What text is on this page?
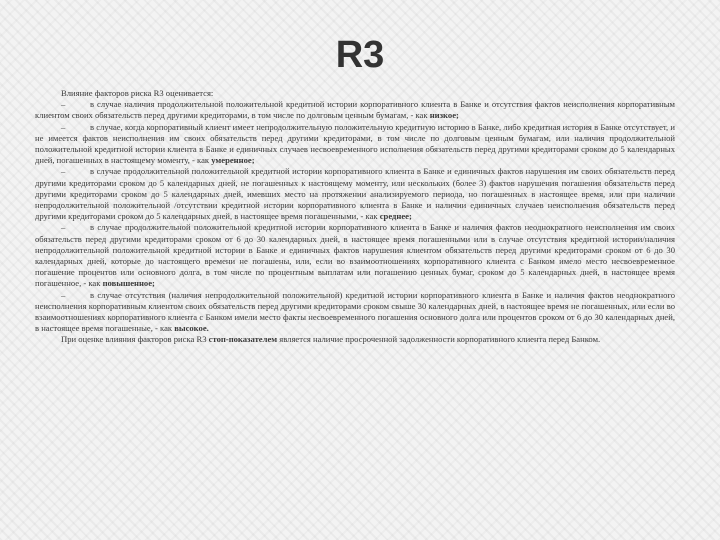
R3

Влияние факторов риска R3 оценивается:

–	в случае наличия продолжительной положительной кредитной истории корпоративного клиента в Банке и отсутствия фактов неисполнения корпоративным клиентом своих обязательств перед другими кредиторами, в том числе по долговым ценным бумагам, - как низкое;

–	в случае, когда корпоративный клиент имеет непродолжительную положительную кредитную историю в Банке, либо кредитная история в Банке отсутствует, и не имеется фактов неисполнения им своих обязательств перед другими кредиторами, в том числе по долговым ценным бумагам, или наличия продолжительной положительной кредитной истории клиента в Банке и единичных случаев несвоевременного исполнения обязательств перед другими кредиторами сроком до 5 календарных дней, погашенных в настоящему моменту, - как умеренное;

–	в случае продолжительной положительной кредитной истории корпоративного клиента в Банке и единичных фактов нарушения им своих обязательств перед другими кредиторами сроком до 5 календарных дней, не погашенных к настоящему моменту, или нескольких (более 3) фактов нарушения погашения обязательств перед другими кредиторами сроком до 5 календарных дней, имевших место на протяжении анализируемого периода, но погашенных в настоящее время, или при наличии непродолжительной положительной /отсутствии кредитной истории корпоративного клиента в Банке и наличии единичных случаев неисполнения обязательств перед другими кредиторами сроком до 5 календарных дней, в настоящее время погашенными, - как среднее;

–	в случае продолжительной положительной кредитной истории корпоративного клиента в Банке и наличия фактов неоднократного неисполнения им своих обязательств перед другими кредиторами сроком от 6 до 30 календарных дней, в настоящее время погашенными или в случае отсутствия кредитной истории/наличия непродолжительной положительной кредитной истории в Банке и единичных фактов нарушения клиентом обязательств перед другими кредиторами сроком от 6 до 30 календарных дней, которые до настоящего времени не погашены, или, если во взаимоотношениях корпоративного клиента с Банком имело место несвоевременное погашение процентов или основного долга, в том числе по процентным выплатам или погашению ценных бумаг, сроком до 5 календарных дней, в настоящее время погашенное, - как повышенное;

–	в случае отсутствия (наличия непродолжительной положительной) кредитной истории корпоративного клиента в Банке и наличия фактов неоднократного неисполнения корпоративным клиентом своих обязательств перед другими кредиторами сроком свыше 30 календарных дней, в настоящее время не погашенных, или если во взаимоотношениях корпоративного клиента с Банком имели место факты несвоевременного погашения основного долга или процентов сроком от 6 до 30 календарных дней, в настоящее время погашенные, - как высокое.

При оценке влияния факторов риска R3 стоп-показателем является наличие просроченной задолженности корпоративного клиента перед Банком.
